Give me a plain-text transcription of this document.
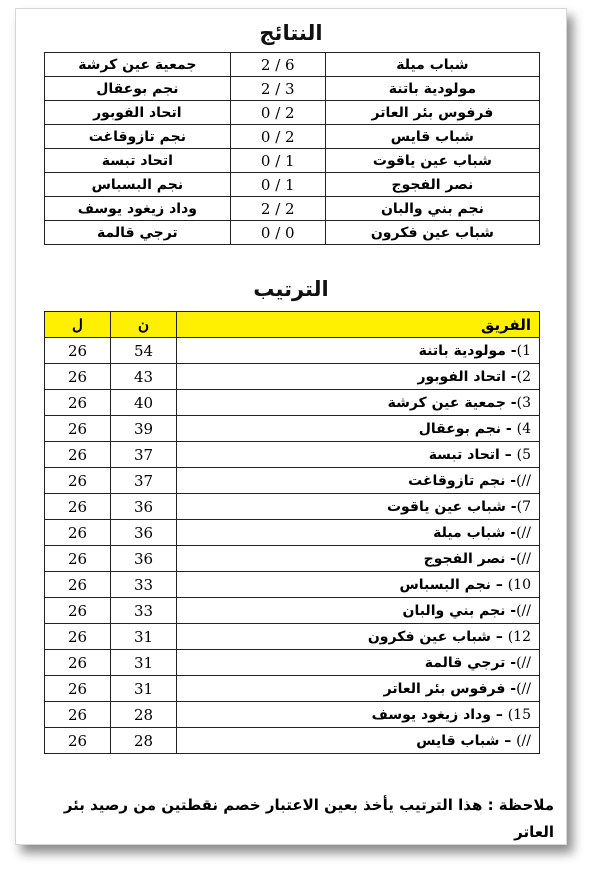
النتائج
شباب ميلة	2 / 6	جمعية عين كرشة
مولودية باتنة	2 / 3	نجم بوعقال
فرفوس بئر العاتر	0 / 2	اتحاد الفوبور
شباب قايس	0 / 2	نجم تازوقاغت
شباب عين ياقوت	0 / 1	اتحاد تبسة
نصر الفجوج	0 / 1	نجم البسباس
نجم بني والبان	2 / 2	وداد زيغود يوسف
شباب عين فكرون	0 / 0	ترجي قالمة
الترتيب
ل	ن	الفريق
26	54	1)- مولودية باتنة
26	43	2)- اتحاد الفوبور
26	40	3)- جمعية عين كرشة
26	39	4) - نجم بوعقال
26	37	5) – اتحاد تبسة
26	37	//)- نجم تازوقاغت
26	36	7)- شباب عين ياقوت
26	36	//)- شباب ميلة
26	36	//)- نصر الفجوج
26	33	10) – نجم البسباس
26	33	//)- نجم بني والبان
26	31	12) – شباب عين فكرون
26	31	//)- ترجي قالمة
26	31	//)- فرفوس بئر العاتر
26	28	15) – وداد زيغود يوسف
26	28	//) – شباب قايس
ملاحظة : هذا الترتيب يأخذ بعين الاعتبار خصم نقطتين من رصيد بئر العاتر
